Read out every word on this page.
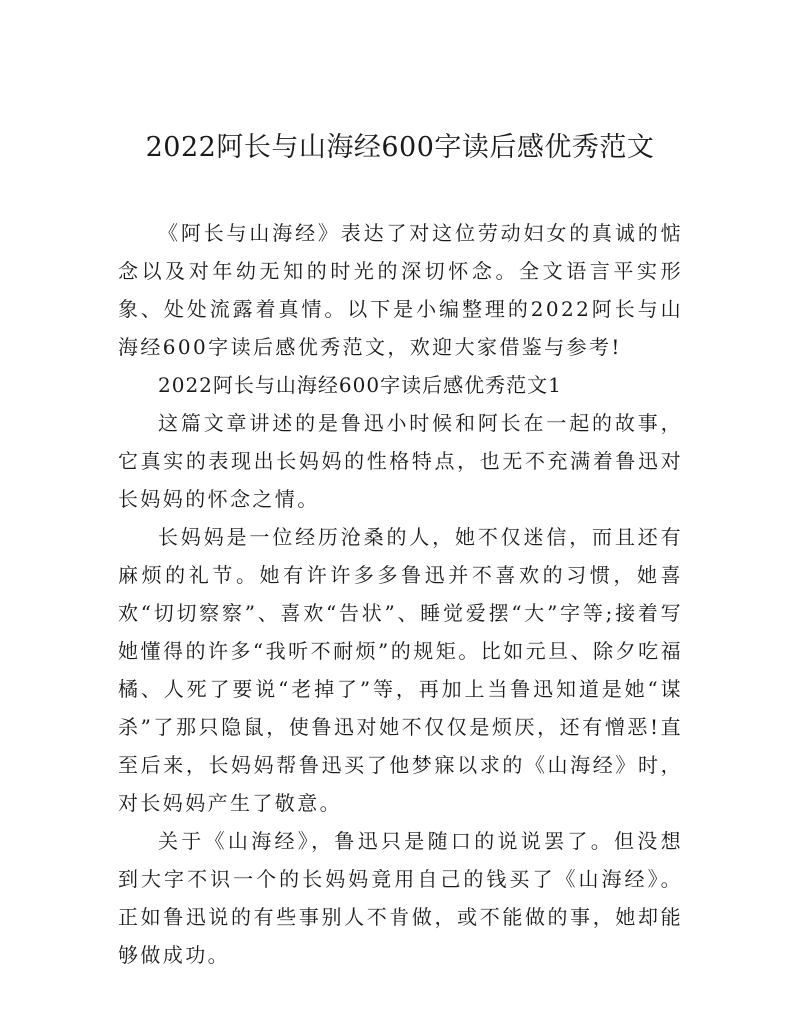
2022阿长与山海经600字读后感优秀范文

《阿长与山海经》表达了对这位劳动妇女的真诚的惦念以及对年幼无知的时光的深切怀念。全文语言平实形象、处处流露着真情。以下是小编整理的2022阿长与山海经600字读后感优秀范文，欢迎大家借鉴与参考!

2022阿长与山海经600字读后感优秀范文1

这篇文章讲述的是鲁迅小时候和阿长在一起的故事，它真实的表现出长妈妈的性格特点，也无不充满着鲁迅对长妈妈的怀念之情。

长妈妈是一位经历沧桑的人，她不仅迷信，而且还有麻烦的礼节。她有许许多多鲁迅并不喜欢的习惯，她喜欢“切切察察”、喜欢“告状”、睡觉爱摆“大”字等;接着写她懂得的许多“我听不耐烦”的规矩。比如元旦、除夕吃福橘、人死了要说“老掉了”等，再加上当鲁迅知道是她“谋杀”了那只隐鼠，使鲁迅对她不仅仅是烦厌，还有憎恶!直至后来，长妈妈帮鲁迅买了他梦寐以求的《山海经》时，对长妈妈产生了敬意。

关于《山海经》，鲁迅只是随口的说说罢了。但没想到大字不识一个的长妈妈竟用自己的钱买了《山海经》。正如鲁迅说的有些事别人不肯做，或不能做的事，她却能够做成功。
